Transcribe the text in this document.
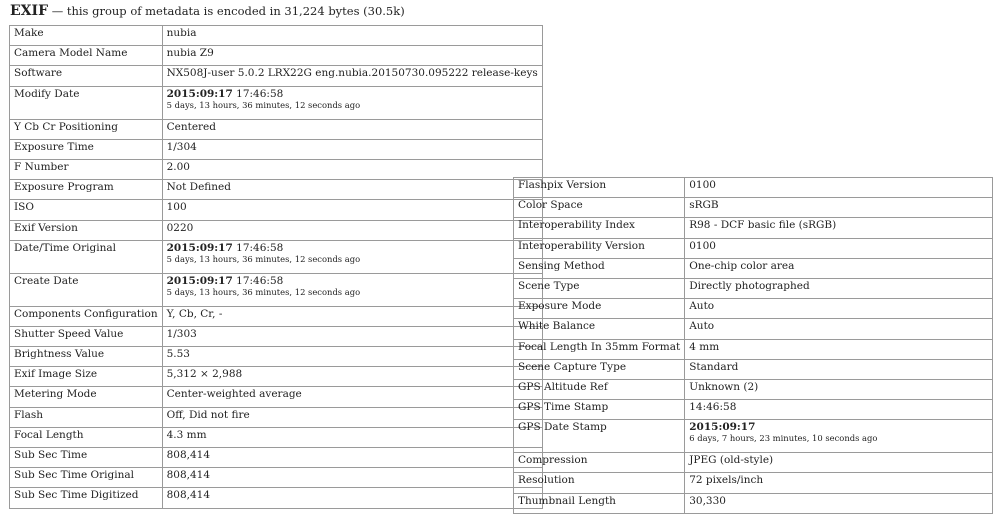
EXIF — this group of metadata is encoded in 31,224 bytes (30.5k)
Make	nubia
Camera Model Name	nubia Z9
Software	NX508J-user 5.0.2 LRX22G eng.nubia.20150730.095222 release-keys
Modify Date	2015:09:17 17:46:58
5 days, 13 hours, 36 minutes, 12 seconds ago

Y Cb Cr Positioning	Centered
Exposure Time	1/304
F Number	2.00
Exposure Program	Not Defined
ISO	100
Exif Version	0220
Date/Time Original	2015:09:17 17:46:58
5 days, 13 hours, 36 minutes, 12 seconds ago

Create Date	2015:09:17 17:46:58
5 days, 13 hours, 36 minutes, 12 seconds ago

Components Configuration	Y, Cb, Cr, -
Shutter Speed Value	1/303
Brightness Value	5.53
Exif Image Size	5,312 × 2,988
Metering Mode	Center-weighted average
Flash	Off, Did not fire
Focal Length	4.3 mm
Sub Sec Time	808,414
Sub Sec Time Original	808,414
Sub Sec Time Digitized	808,414
Flashpix Version	0100
Color Space	sRGB
Interoperability Index	R98 - DCF basic file (sRGB)
Interoperability Version	0100
Sensing Method	One-chip color area
Scene Type	Directly photographed
Exposure Mode	Auto
White Balance	Auto
Focal Length In 35mm Format	4 mm
Scene Capture Type	Standard
GPS Altitude Ref	Unknown (2)
GPS Time Stamp	14:46:58
GPS Date Stamp	2015:09:17
6 days, 7 hours, 23 minutes, 10 seconds ago

Compression	JPEG (old-style)
Resolution	72 pixels/inch
Thumbnail Length	30,330
